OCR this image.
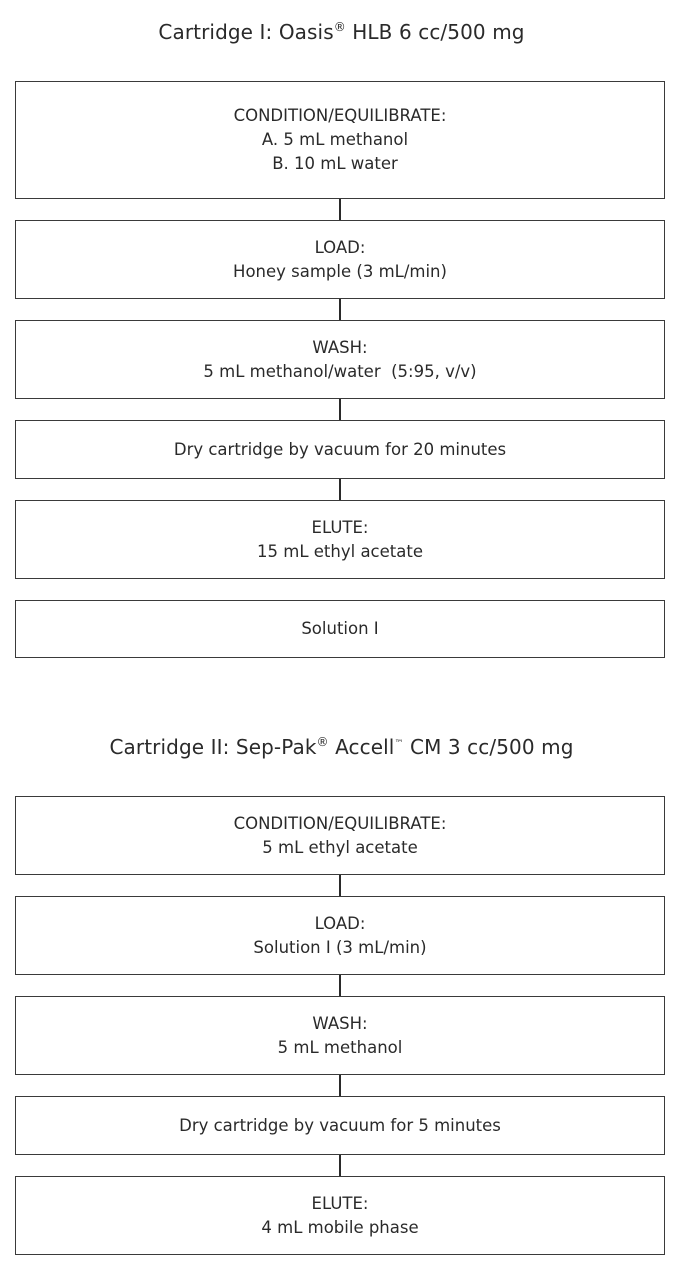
Cartridge I: Oasis® HLB 6 cc/500 mg
CONDITION/EQUILIBRATE:
A. 5 mL methanol
B. 10 mL water
LOAD:
Honey sample (3 mL/min)
WASH:
5 mL methanol/water  (5:95, v/v)
Dry cartridge by vacuum for 20 minutes
ELUTE:
15 mL ethyl acetate
Solution I
Cartridge II: Sep-Pak® Accell™ CM 3 cc/500 mg
CONDITION/EQUILIBRATE:
5 mL ethyl acetate
LOAD:
Solution I (3 mL/min)
WASH:
5 mL methanol
Dry cartridge by vacuum for 5 minutes
ELUTE:
4 mL mobile phase
